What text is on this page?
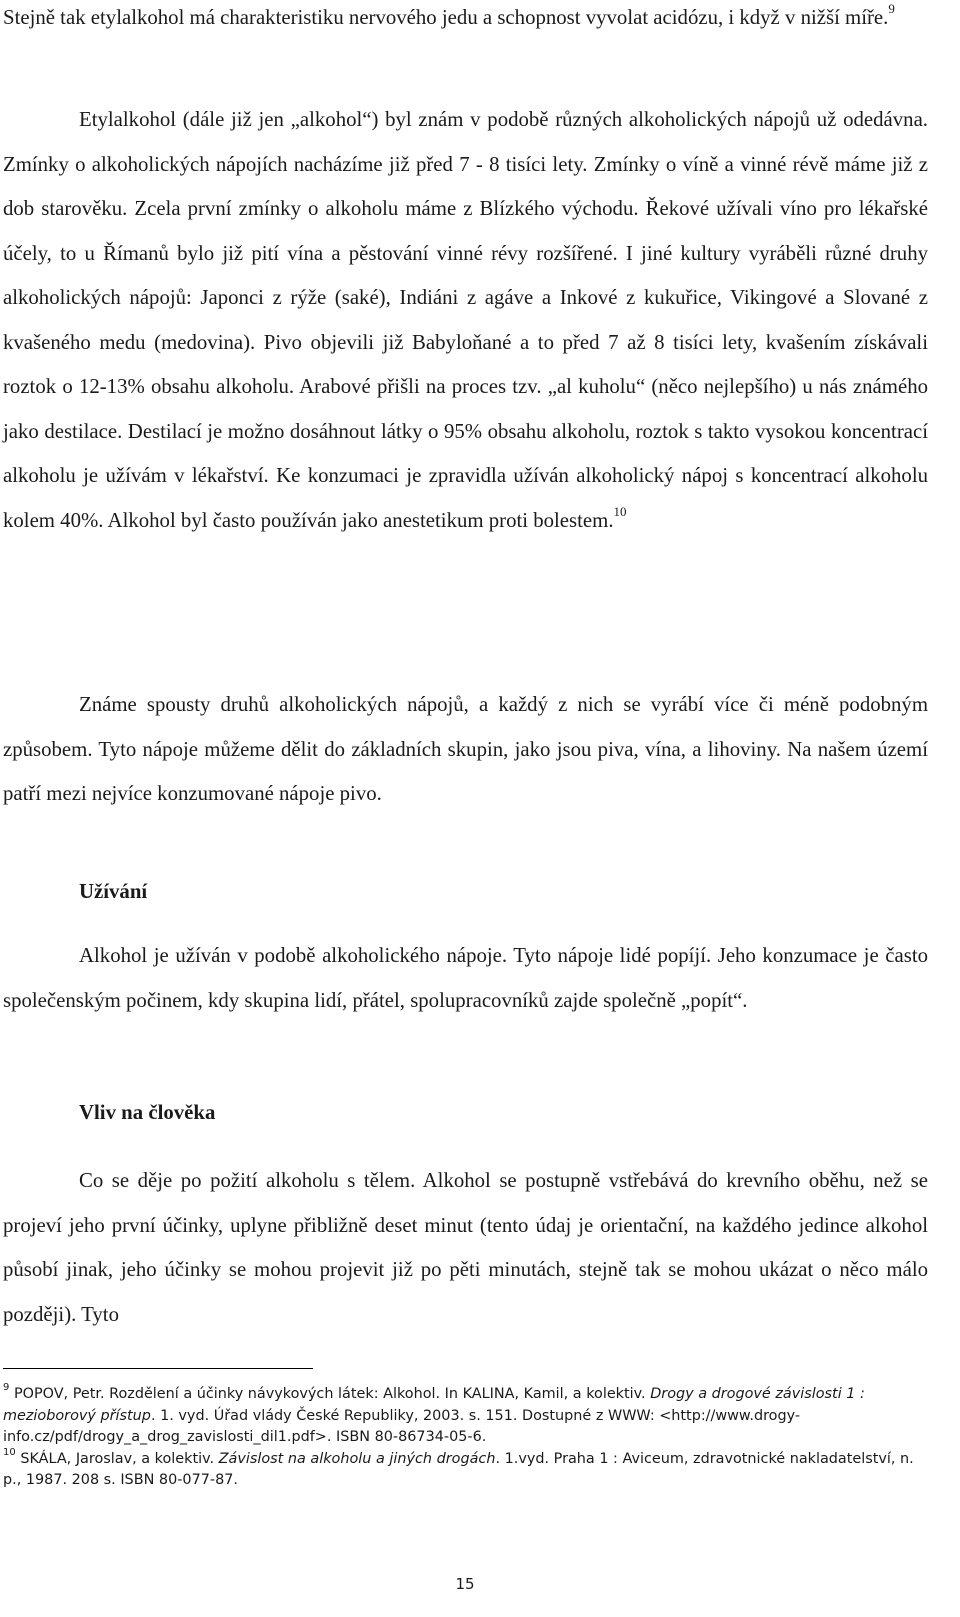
Stejně tak etylalkohol má charakteristiku nervového jedu a schopnost vyvolat acidózu, i když v nižší míře.$^9$

Etylalkohol (dále již jen „alkohol“) byl znám v podobě různých alkoholických nápojů už odedávna. Zmínky o alkoholických nápojích nacházíme již před 7 - 8 tisíci lety. Zmínky o víně a vinné révě máme již z dob starověku. Zcela první zmínky o alkoholu máme z Blízkého východu. Řekové užívali víno pro lékařské účely, to u Římanů bylo již pití vína a pěstování vinné révy rozšířené. I jiné kultury vyráběli různé druhy alkoholických nápojů: Japonci z rýže (saké), Indiáni z agáve a Inkové z kukuřice, Vikingové a Slované z kvašeného medu (medovina). Pivo objevili již Babyloňané a to před 7 až 8 tisíci lety, kvašením získávali roztok o 12-13% obsahu alkoholu. Arabové přišli na proces tzv. „al kuholu“ (něco nejlepšího) u nás známého jako destilace. Destilací je možno dosáhnout látky o 95% obsahu alkoholu, roztok s takto vysokou koncentrací alkoholu je užívám v lékařství. Ke konzumaci je zpravidla užíván alkoholický nápoj s koncentrací alkoholu kolem 40%. Alkohol byl často používán jako anestetikum proti bolestem.$^{10}$

Známe spousty druhů alkoholických nápojů, a každý z nich se vyrábí více či méně podobným způsobem. Tyto nápoje můžeme dělit do základních skupin, jako jsou piva, vína, a lihoviny. Na našem území patří mezi nejvíce konzumované nápoje pivo.

Užívání

Alkohol je užíván v podobě alkoholického nápoje. Tyto nápoje lidé popíjí. Jeho konzumace je často společenským počinem, kdy skupina lidí, přátel, spolupracovníků zajde společně „popít“.

Vliv na člověka

Co se děje po požití alkoholu s tělem. Alkohol se postupně vstřebává do krevního oběhu, než se projeví jeho první účinky, uplyne přibližně deset minut (tento údaj je orientační, na každého jedince alkohol působí jinak, jeho účinky se mohou projevit již po pěti minutách, stejně tak se mohou ukázat o něco málo později). Tyto

$^9$ POPOV, Petr. Rozdělení a účinky návykových látek: Alkohol. In KALINA, Kamil, a kolektiv. Drogy a drogové závislosti 1 : mezioborový přístup. 1. vyd. Úřad vlády České Republiky, 2003. s. 151. Dostupné z WWW: <http://www.drogy-info.cz/pdf/drogy_a_drog_zavislosti_dil1.pdf>. ISBN 80-86734-05-6.

$^{10}$ SKÁLA, Jaroslav, a kolektiv. Závislost na alkoholu a jiných drogách. 1.vyd. Praha 1 : Aviceum, zdravotnické nakladatelství, n. p., 1987. 208 s. ISBN 80-077-87.

15
